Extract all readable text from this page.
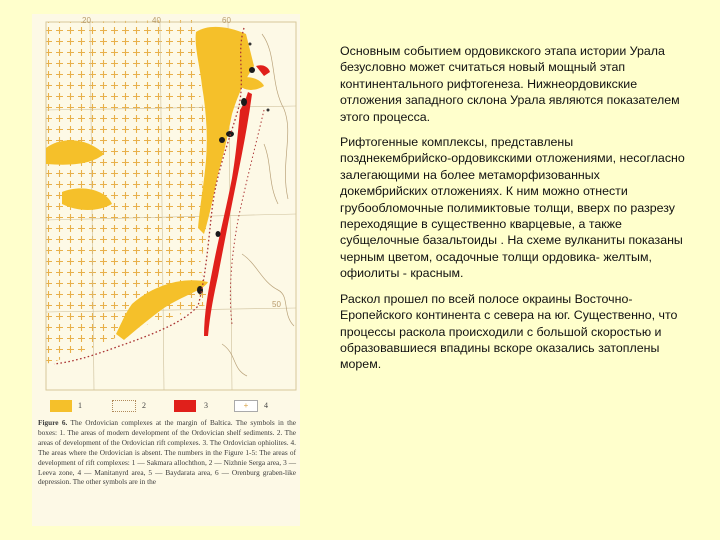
20	40	60
50
1	2	3	+	4
Figure 6. The Ordovician complexes at the margin of Baltica. The symbols in the boxes: 1. The areas of modern development of the Ordovician shelf sediments. 2. The areas of development of the Ordovician rift complexes. 3. The Ordovician ophiolites. 4. The areas where the Ordovician is absent. The numbers in the Figure 1-5: The areas of development of rift complexes: 1 — Sakmara allochthon, 2 — Nizhnie Serga area, 3 — Leeva zone, 4 — Manitanyrd area, 5 — Baydarata area, 6 — Orenburg graben-like depression. The other symbols are in the

Основным событием ордовикского этапа истории Урала безусловно может считаться новый мощный этап континентального рифтогенеза. Нижнеордовикские отложения западного склона Урала являются показателем этого процесса.

Рифтогенные комплексы, представлены позднекембрийско-ордовикскими отложениями, несогласно залегающими на более метаморфизованных докембрийских отложениях. К ним можно отнести грубообломочные полимиктовые толщи, вверх по разрезу переходящие в существенно кварцевые, а также субщелочные базальтоиды . На схеме вулканиты показаны черным цветом, осадочные толщи ордовика- желтым, офиолиты - красным.

Раскол прошел по всей полосе окраины Восточно-Еропейского континента с севера на юг. Существенно, что процессы раскола происходили с большой скоростью и образовавшиеся впадины вскоре оказались затоплены морем.
